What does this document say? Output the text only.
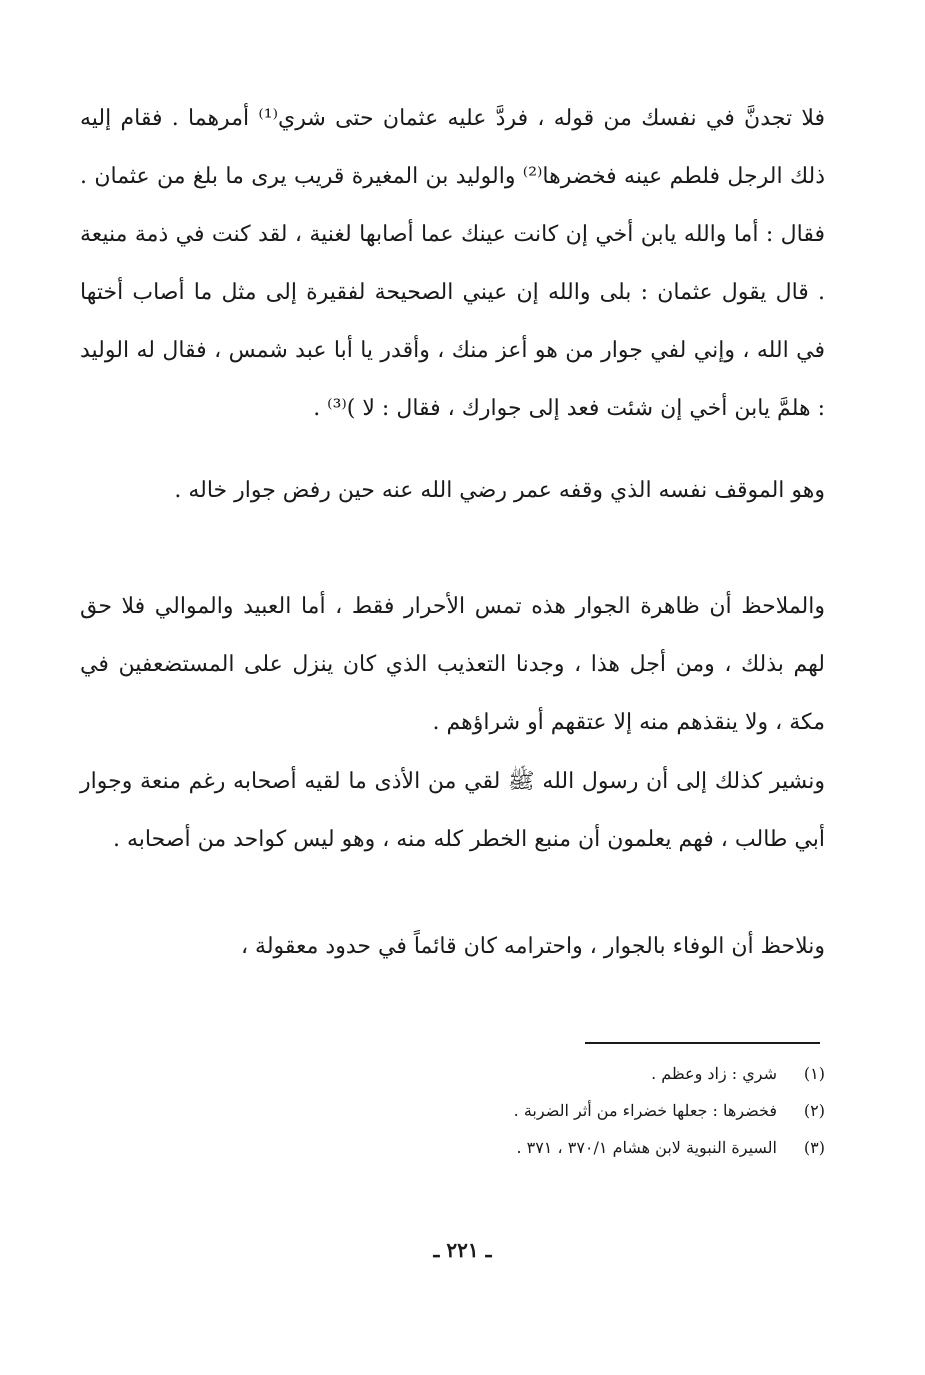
فلا تجدنَّ في نفسك من قوله ، فردَّ عليه عثمان حتى شري⁽¹⁾ أمرهما . فقام إليه ذلك الرجل فلطم عينه فخضرها⁽²⁾ والوليد بن المغيرة قريب يرى ما بلغ من عثمان . فقال : أما والله يابن أخي إن كانت عينك عما أصابها لغنية ، لقد كنت في ذمة منيعة . قال يقول عثمان : بلى والله إن عيني الصحيحة لفقيرة إلى مثل ما أصاب أختها في الله ، وإني لفي جوار من هو أعز منك ، وأقدر يا أبا عبد شمس ، فقال له الوليد : هلمَّ يابن أخي إن شئت فعد إلى جوارك ، فقال : لا )⁽³⁾ .

وهو الموقف نفسه الذي وقفه عمر رضي الله عنه حين رفض جوار خاله .

والملاحظ أن ظاهرة الجوار هذه تمس الأحرار فقط ، أما العبيد والموالي فلا حق لهم بذلك ، ومن أجل هذا ، وجدنا التعذيب الذي كان ينزل على المستضعفين في مكة ، ولا ينقذهم منه إلا عتقهم أو شراؤهم .

ونشير كذلك إلى أن رسول الله ﷺ لقي من الأذى ما لقيه أصحابه رغم منعة وجوار أبي طالب ، فهم يعلمون أن منبع الخطر كله منه ، وهو ليس كواحد من أصحابه .

ونلاحظ أن الوفاء بالجوار ، واحترامه كان قائماً في حدود معقولة ،

(١)
شري : زاد وعظم .
(٢)
فخضرها : جعلها خضراء من أثر الضربة .
(٣)
السيرة النبوية لابن هشام ٣٧٠/١ ، ٣٧١ .
ـ ٢٢١ ـ
